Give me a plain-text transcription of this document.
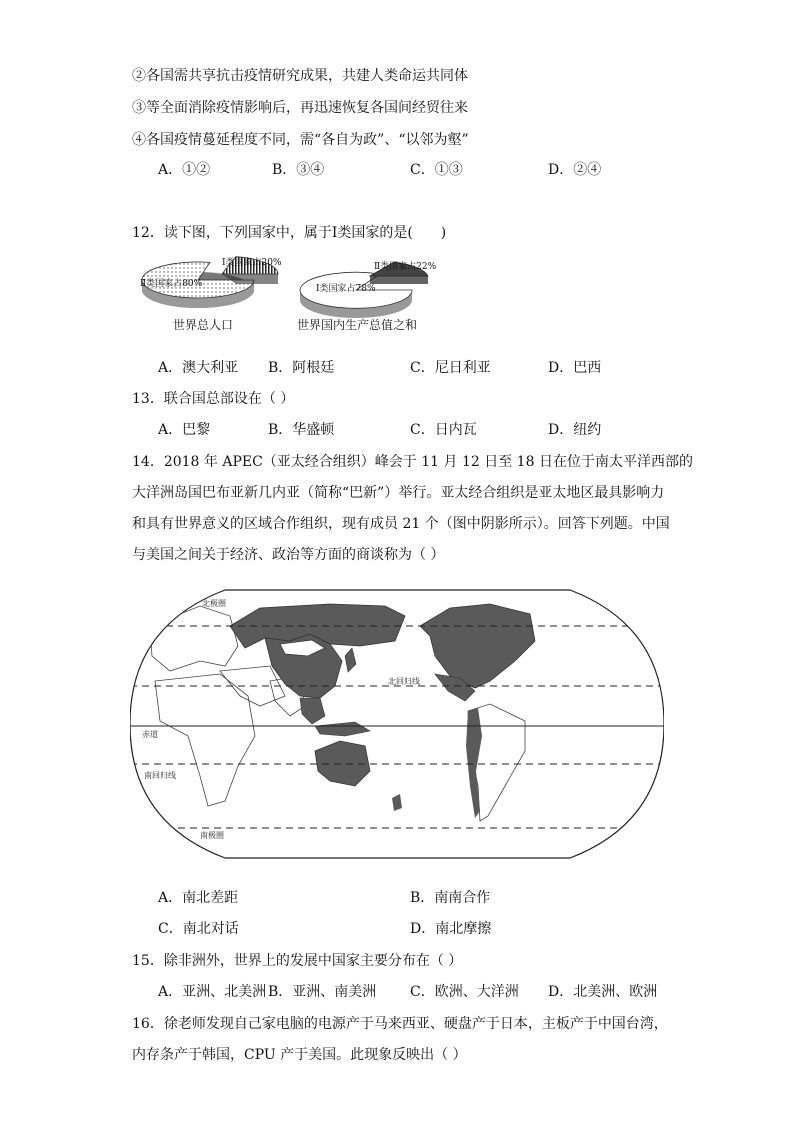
②各国需共享抗击疫情研究成果，共建人类命运共同体
③等全面消除疫情影响后，再迅速恢复各国间经贸往来
④各国疫情蔓延程度不同，需“各自为政”、“以邻为壑”
A．①②	B．③④	C．①③	D．②④
12．读下图，下列国家中，属于Ⅰ类国家的是(　　)
Ⅱ类国家占80%
Ⅰ类国家占20%
Ⅰ类国家占78%
Ⅱ类国家占22%
世界总人口	世界国内生产总值之和
A．澳大利亚 B．阿根廷	C．尼日利亚	D．巴西
13．联合国总部设在（ ）
A．巴黎	B．华盛顿	C．日内瓦	D．纽约
14．2018 年 APEC（亚太经合组织）峰会于 11 月 12 日至 18 日在位于南太平洋西部的
大洋洲岛国巴布亚新几内亚（简称“巴新”）举行。亚太经合组织是亚太地区最具影响力
和具有世界意义的区域合作组织，现有成员 21 个（图中阴影所示）。回答下列题。中国
与美国之间关于经济、政治等方面的商谈称为（ ）
北极圈
北回归线
赤道
南回归线
南极圈
A．南北差距	B．南南合作
C．南北对话	D．南北摩擦
15．除非洲外，世界上的发展中国家主要分布在（ ）
A．亚洲、北美洲 B．亚洲、南美洲 C．欧洲、大洋洲 D．北美洲、欧洲
16．徐老师发现自己家电脑的电源产于马来西亚、硬盘产于日本，主板产于中国台湾，
内存条产于韩国，CPU 产于美国。此现象反映出（ ）
